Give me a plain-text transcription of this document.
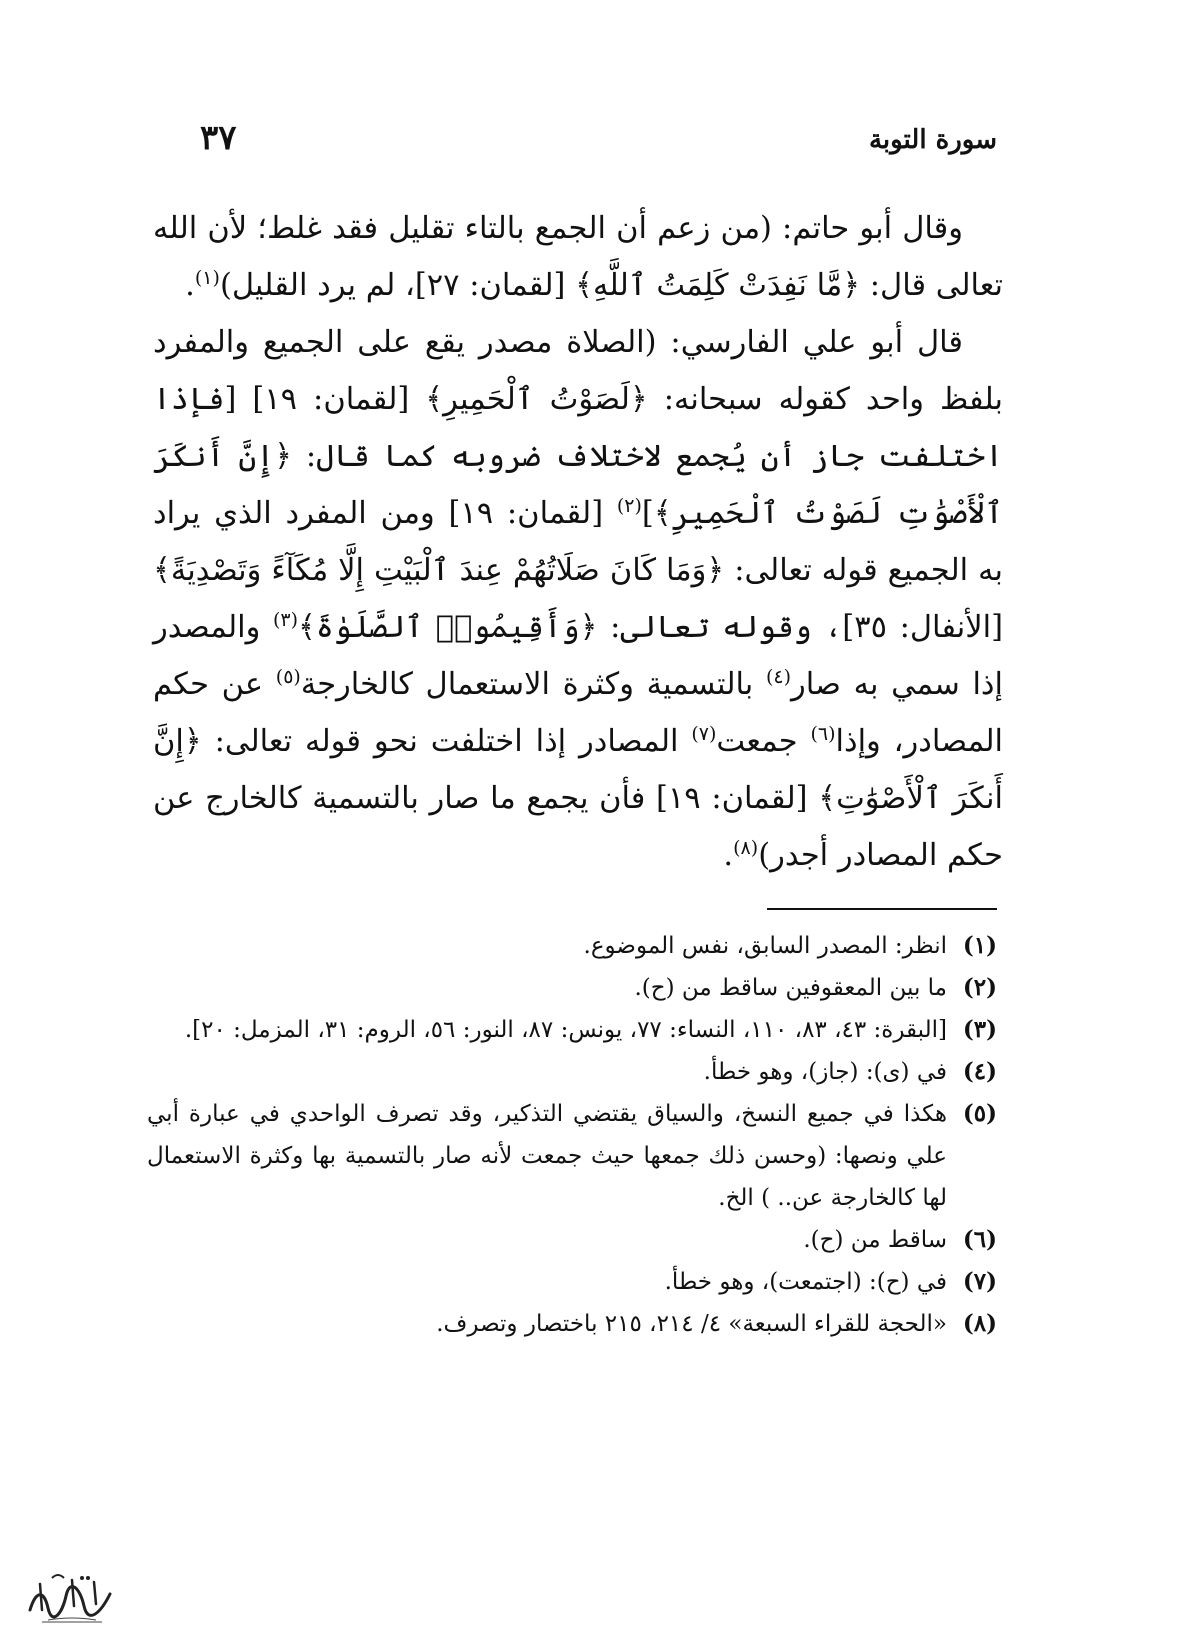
سورة التوبة
٣٧

وقال أبو حاتم: (من زعم أن الجمع بالتاء تقليل فقد غلط؛ لأن الله تعالى قال: ﴿مَّا نَفِدَتْ كَلِمَتُ ٱللَّهِ﴾ [لقمان: ٢٧]، لم يرد القليل)$^{(١)}$.

قال أبو علي الفارسي: (الصلاة مصدر يقع على الجميع والمفرد بلفظ واحد كقوله سبحانه: ﴿لَصَوْتُ ٱلْحَمِيرِ﴾ [لقمان: ١٩] [فإذا اختلفت جاز أن يُجمع لاختلاف ضروبه كما قال: ﴿إِنَّ أَنكَرَ ٱلْأَصْوَٰتِ لَصَوْتُ ٱلْحَمِيرِ﴾]$^{(٢)}$ [لقمان: ١٩] ومن المفرد الذي يراد به الجميع قوله تعالى: ﴿وَمَا كَانَ صَلَاتُهُمْ عِندَ ٱلْبَيْتِ إِلَّا مُكَآءً وَتَصْدِيَةً﴾ [الأنفال: ٣٥]، وقوله تعالى: ﴿وَأَقِيمُوا۟ ٱلصَّلَوٰةَ﴾$^{(٣)}$ والمصدر إذا سمي به صار$^{(٤)}$ بالتسمية وكثرة الاستعمال كالخارجة$^{(٥)}$ عن حكم المصادر، وإذا$^{(٦)}$ جمعت$^{(٧)}$ المصادر إذا اختلفت نحو قوله تعالى: ﴿إِنَّ أَنكَرَ ٱلْأَصْوَٰتِ﴾ [لقمان: ١٩] فأن يجمع ما صار بالتسمية كالخارج عن حكم المصادر أجدر)$^{(٨)}$.

(١)
انظر: المصدر السابق، نفس الموضوع.
(٢)
ما بين المعقوفين ساقط من (ح).
(٣)
[البقرة: ٤٣، ٨٣، ١١٠، النساء: ٧٧، يونس: ٨٧، النور: ٥٦، الروم: ٣١، المزمل: ٢٠].
(٤)
في (ى): (جاز)، وهو خطأ.
(٥)
هكذا في جميع النسخ، والسياق يقتضي التذكير، وقد تصرف الواحدي في عبارة أبي علي ونصها: (وحسن ذلك جمعها حيث جمعت لأنه صار بالتسمية بها وكثرة الاستعمال لها كالخارجة عن.. ) الخ.
(٦)
ساقط من (ح).
(٧)
في (ح): (اجتمعت)، وهو خطأ.
(٨)
«الحجة للقراء السبعة» ٤/ ٢١٤، ٢١٥ باختصار وتصرف.
